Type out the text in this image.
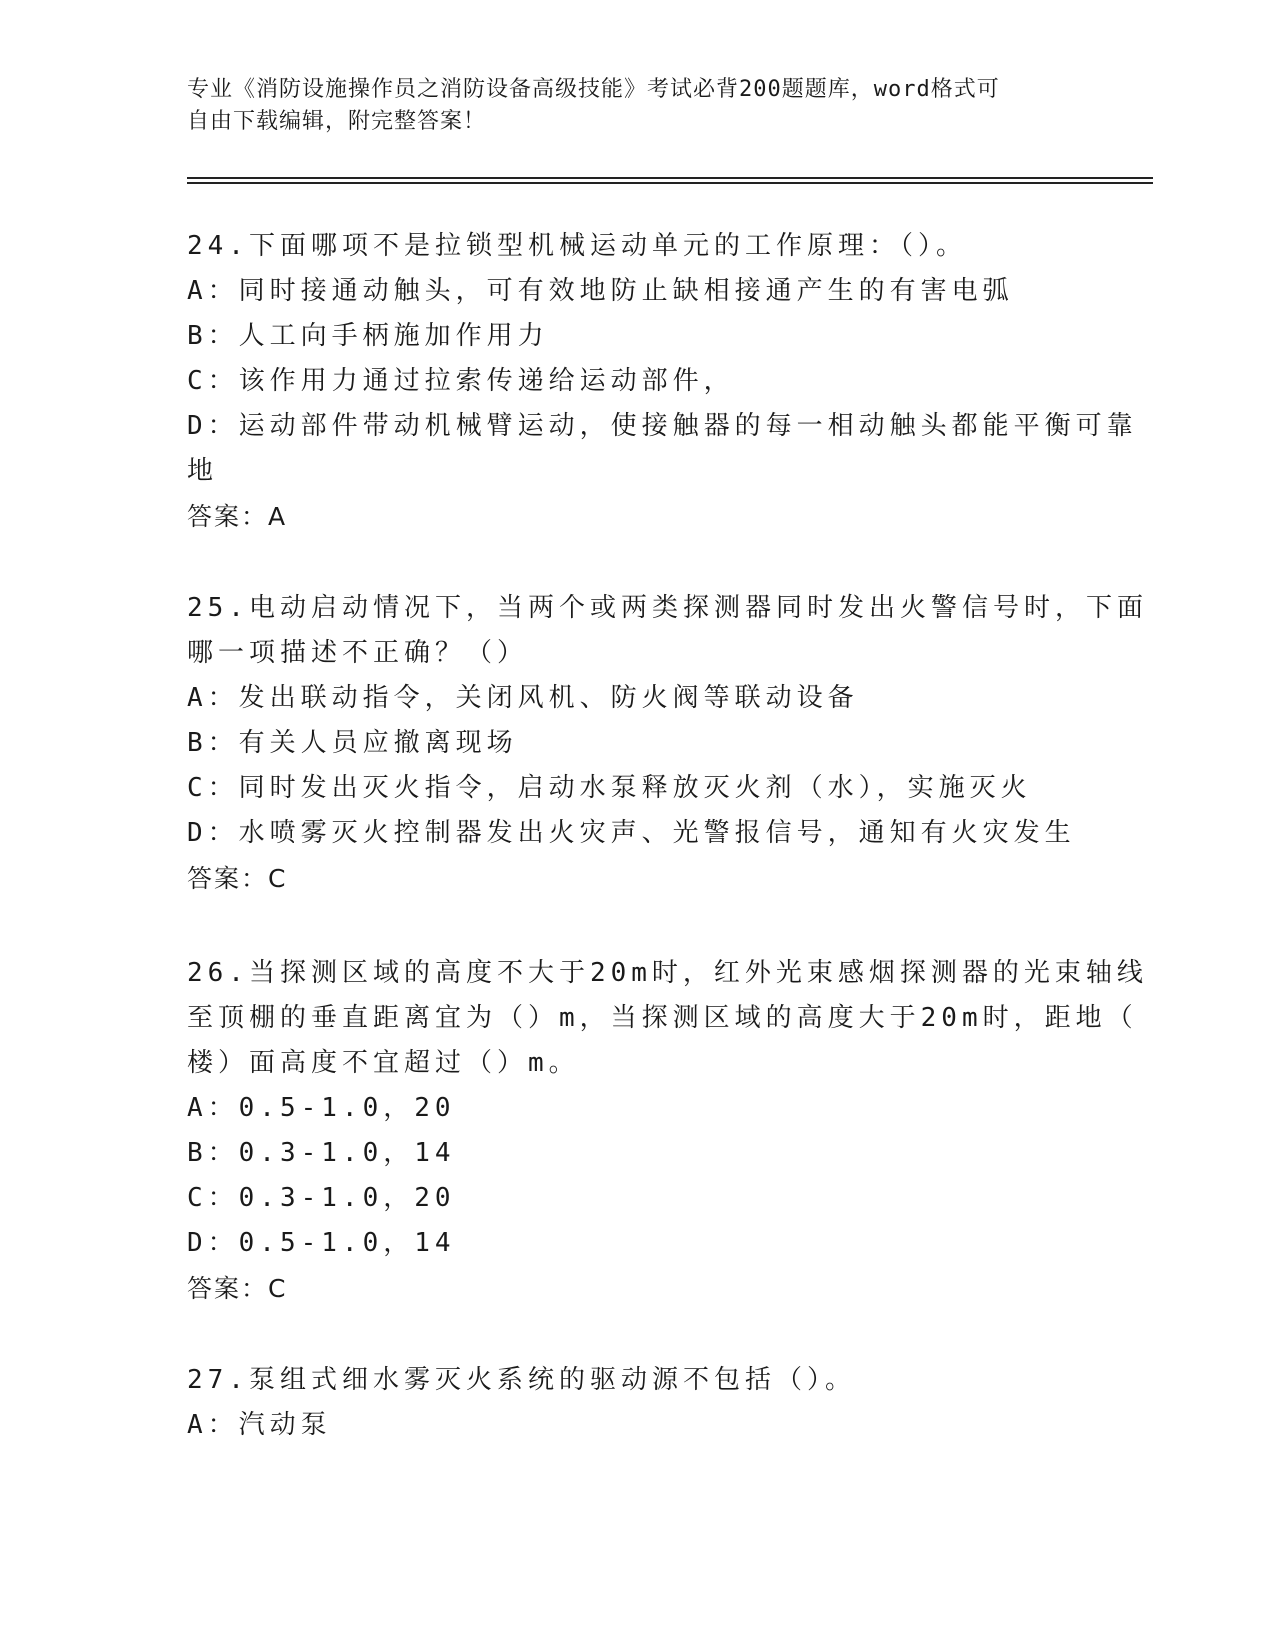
专业《消防设施操作员之消防设备高级技能》考试必背200题题库，word格式可
自由下载编辑，附完整答案！
24.下面哪项不是拉锁型机械运动单元的工作原理：（）。
A：同时接通动触头，可有效地防止缺相接通产生的有害电弧
B：人工向手柄施加作用力
C：该作用力通过拉索传递给运动部件，
D：运动部件带动机械臂运动，使接触器的每一相动触头都能平衡可靠
地
答案：A
25.电动启动情况下，当两个或两类探测器同时发出火警信号时，下面
哪一项描述不正确？（）
A：发出联动指令，关闭风机、防火阀等联动设备
B：有关人员应撤离现场
C：同时发出灭火指令，启动水泵释放灭火剂（水），实施灭火
D：水喷雾灭火控制器发出火灾声、光警报信号，通知有火灾发生
答案：C
26.当探测区域的高度不大于20m时，红外光束感烟探测器的光束轴线
至顶棚的垂直距离宜为（）m，当探测区域的高度大于20m时，距地（
楼）面高度不宜超过（）m。
A：0.5-1.0，20
B：0.3-1.0，14
C：0.3-1.0，20
D：0.5-1.0，14
答案：C
27.泵组式细水雾灭火系统的驱动源不包括（）。
A：汽动泵
